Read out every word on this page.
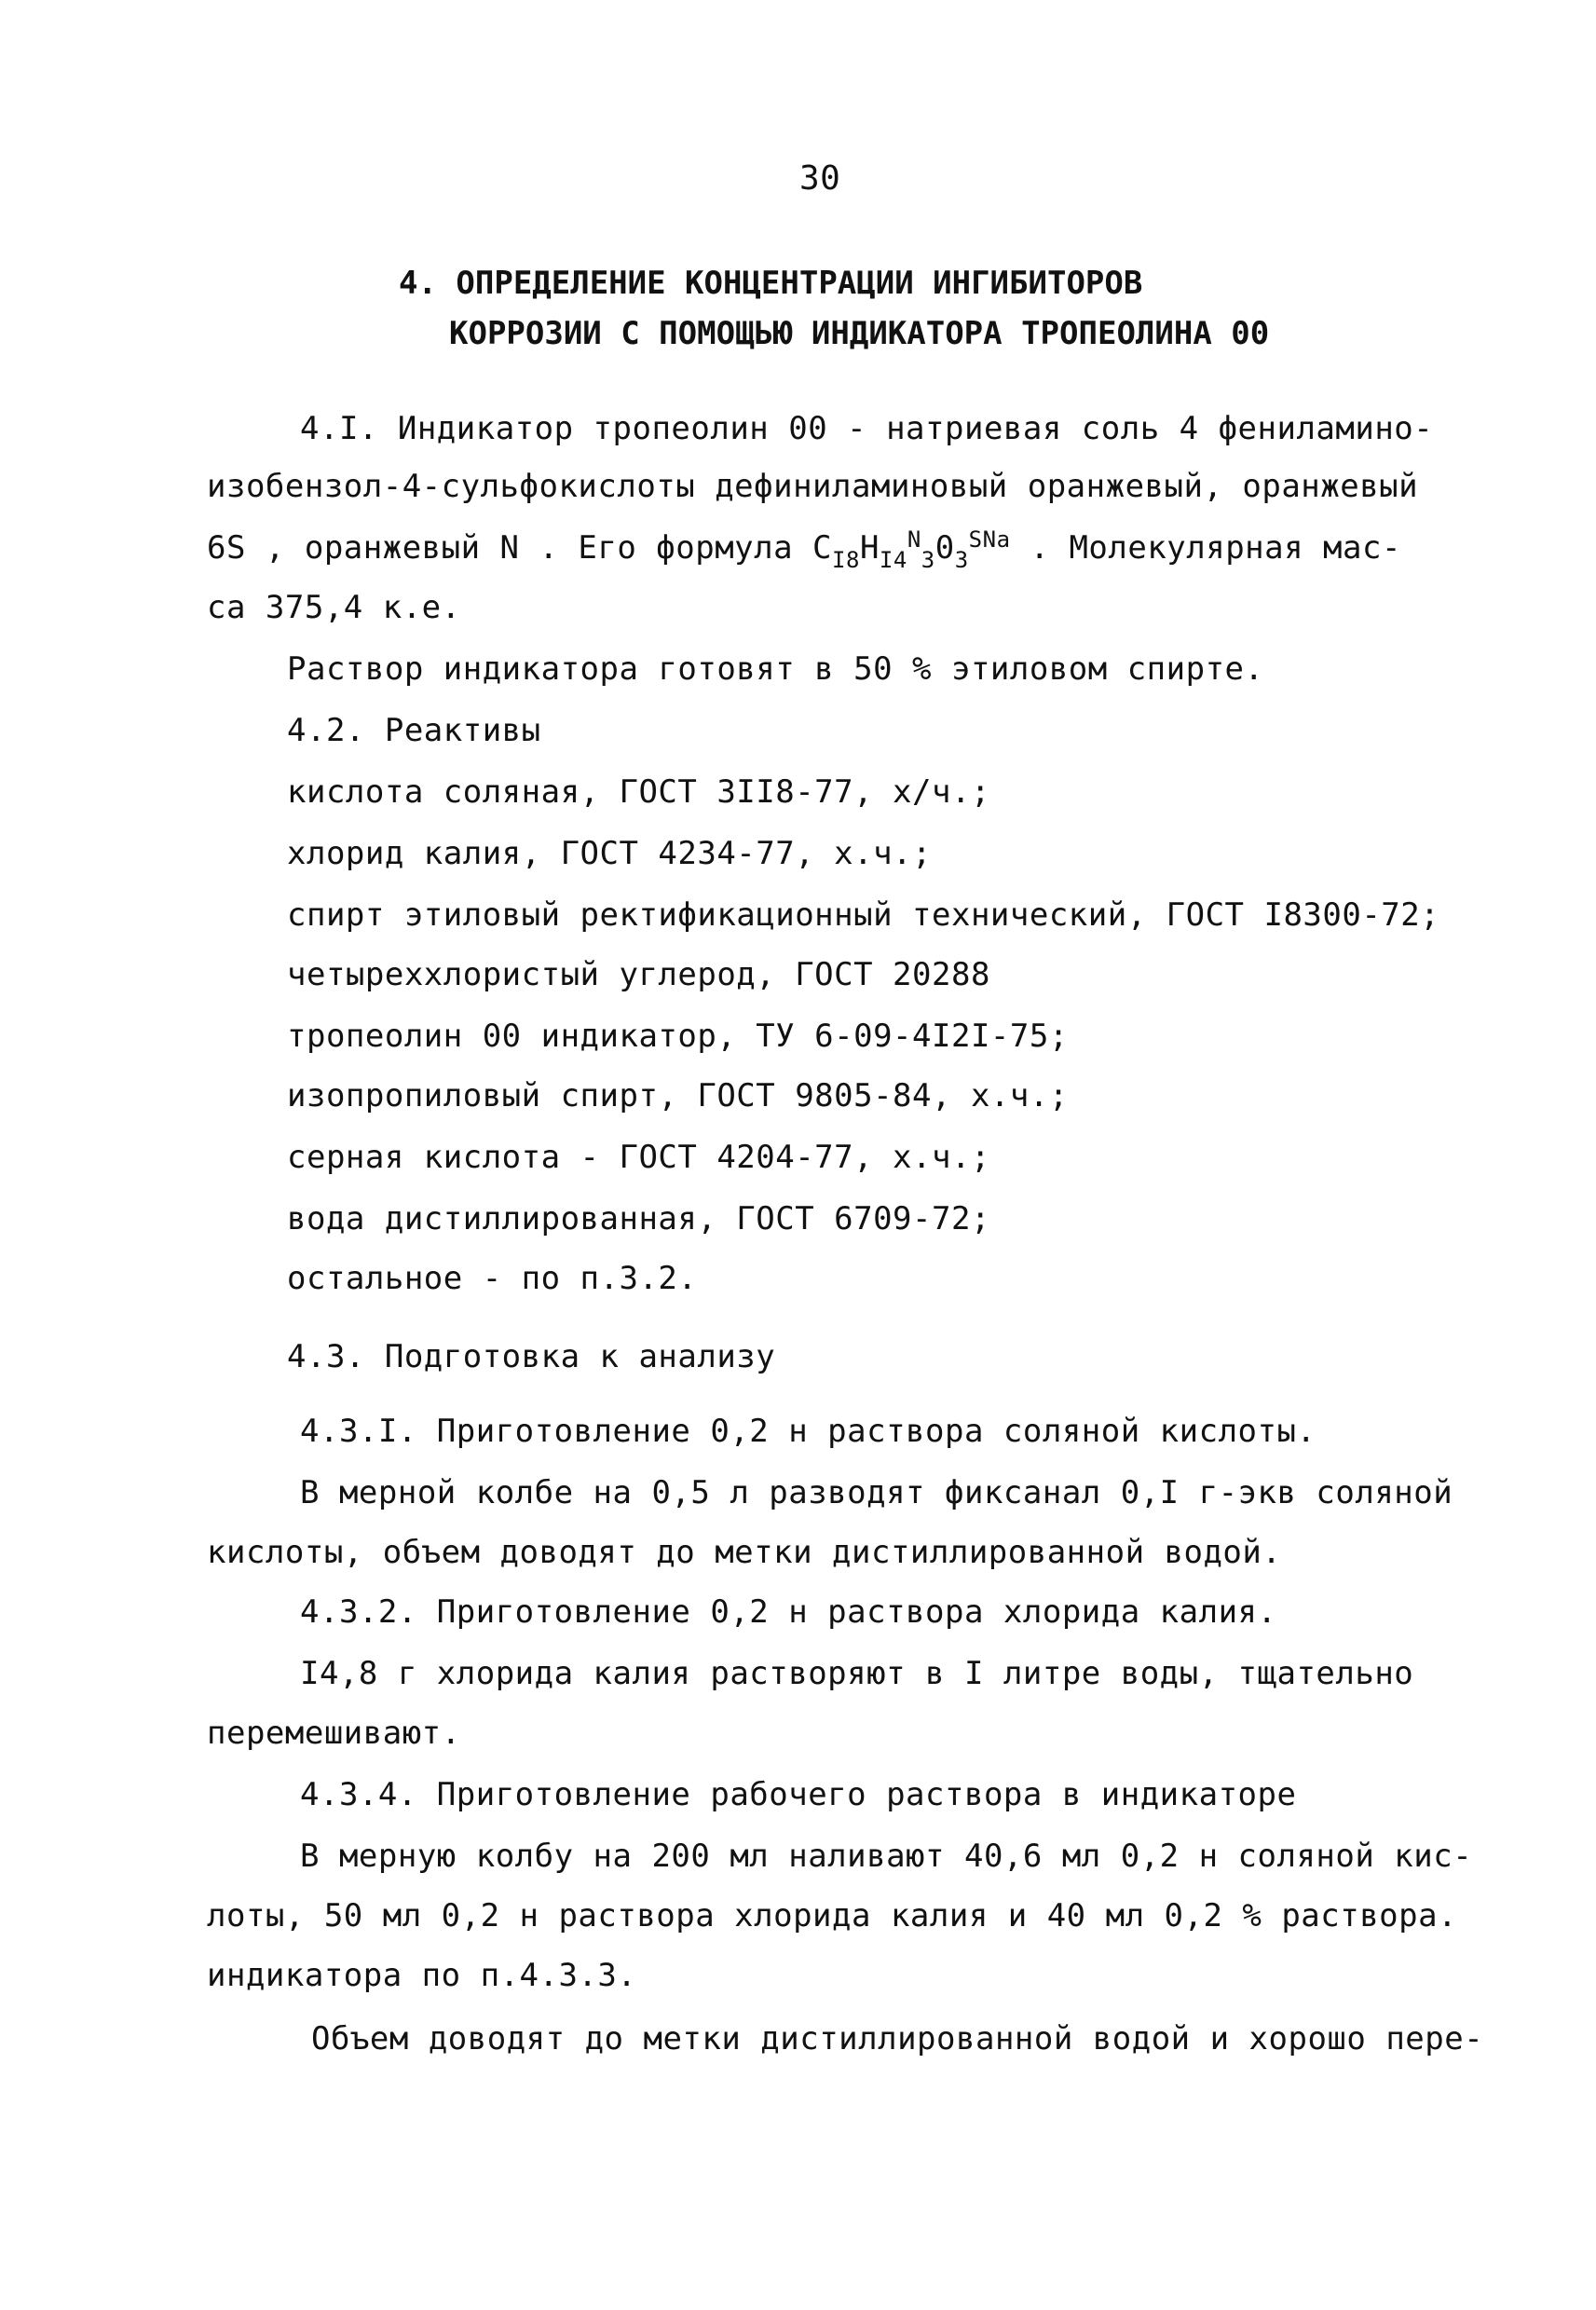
30
4. ОПРЕДЕЛЕНИЕ КОНЦЕНТРАЦИИ ИНГИБИТОРОВ
КОРРОЗИИ С ПОМОЩЬЮ ИНДИКАТОРА ТРОПЕОЛИНА 00
4.I. Индикатор тропеолин 00 - натриевая соль 4 фениламино-
изобензол-4-сульфокислоты дефиниламиновый оранжевый, оранжевый
6S , оранжевый N . Его формула $C_{I8}H_{I4}^N_30_3^{SNa}$ . Молекулярная мас-
са 375,4 к.е.
Раствор индикатора готовят в 50 % этиловом спирте.
4.2. Реактивы
кислота соляная, ГОСТ 3II8-77, х/ч.;
хлорид калия, ГОСТ 4234-77, х.ч.;
спирт этиловый ректификационный технический, ГОСТ I8300-72;
четыреххлористый углерод, ГОСТ 20288
тропеолин 00 индикатор, ТУ 6-09-4I2I-75;
изопропиловый спирт, ГОСТ 9805-84, х.ч.;
серная кислота - ГОСТ 4204-77, х.ч.;
вода дистиллированная, ГОСТ 6709-72;
остальное - по п.3.2.
4.3. Подготовка к анализу
4.3.I. Приготовление 0,2 н раствора соляной кислоты.
В мерной колбе на 0,5 л разводят фиксанал 0,I г-экв соляной
кислоты, объем доводят до метки дистиллированной водой.
4.3.2. Приготовление 0,2 н раствора хлорида калия.
I4,8 г хлорида калия растворяют в I литре воды, тщательно
перемешивают.
4.3.4. Приготовление рабочего раствора в индикаторе
В мерную колбу на 200 мл наливают 40,6 мл 0,2 н соляной кис-
лоты, 50 мл 0,2 н раствора хлорида калия и 40 мл 0,2 % раствора.
индикатора по п.4.3.3.
Объем доводят до метки дистиллированной водой и хорошо пере-
